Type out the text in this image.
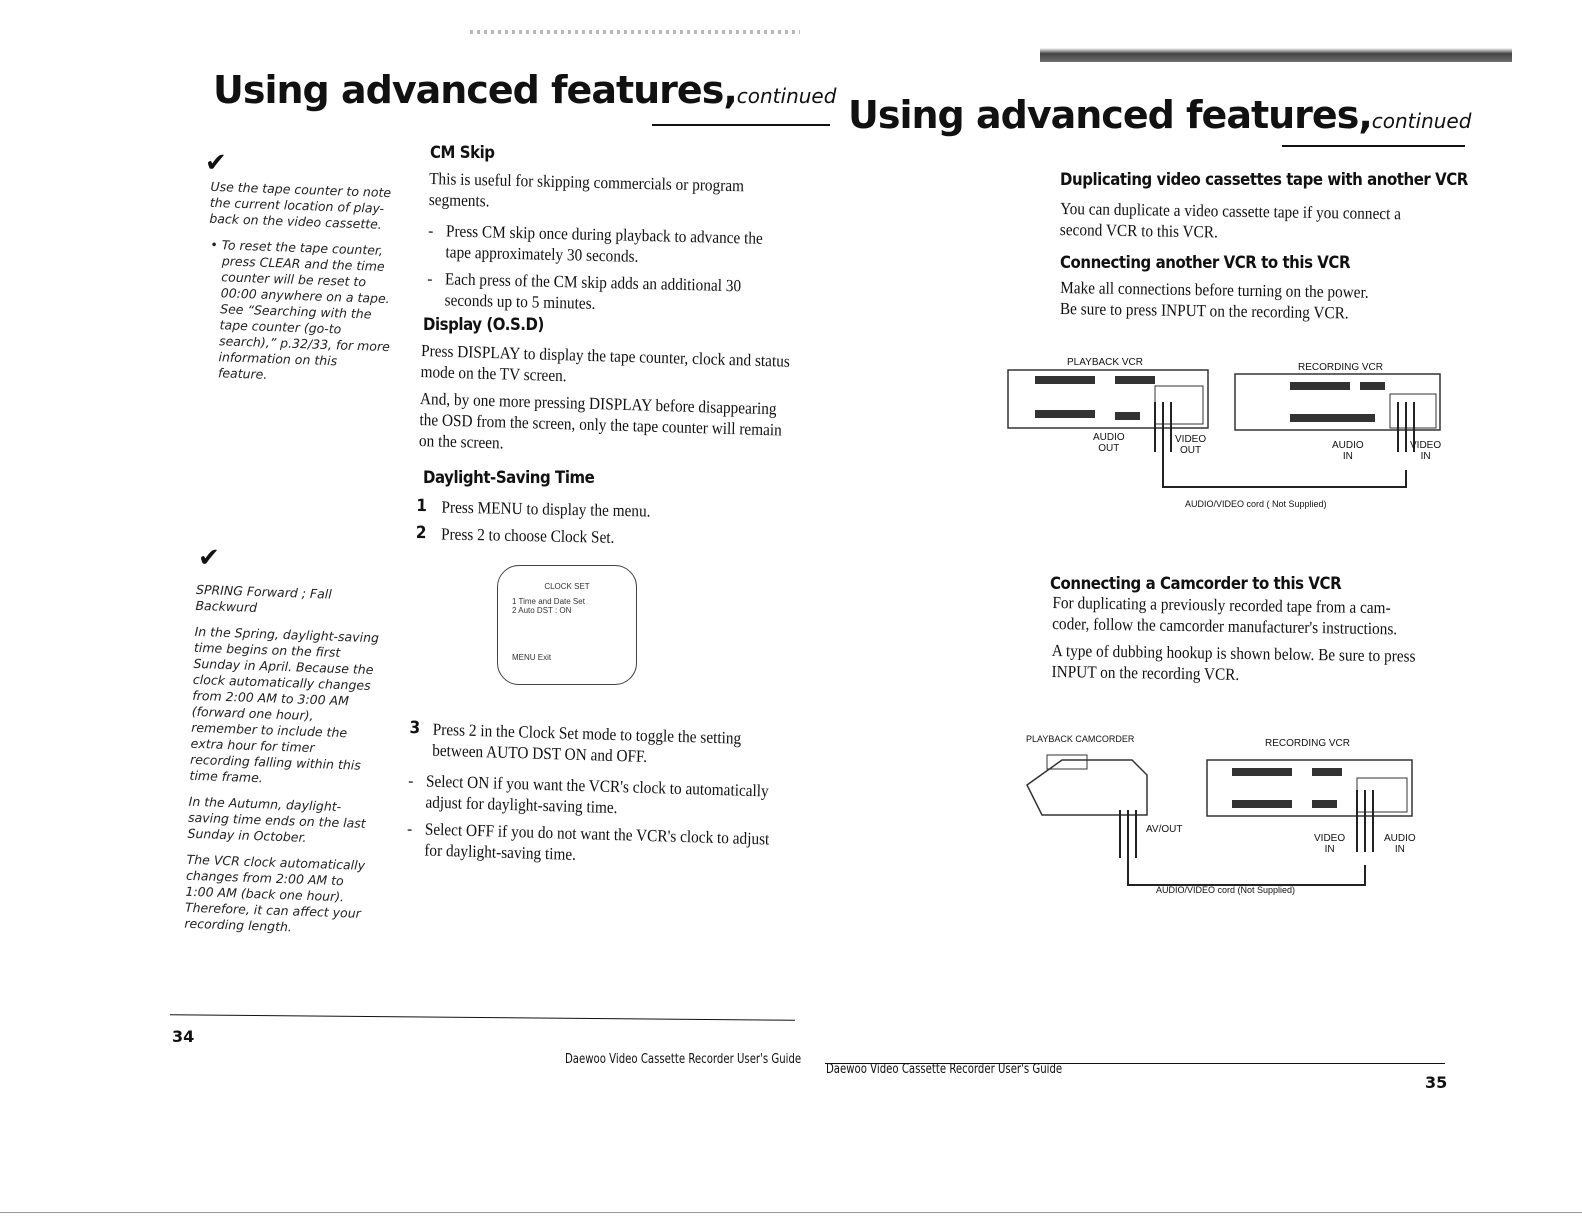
Using advanced features,continued
✔

Use the tape counter to note the current location of play-back on the video cassette.

• To reset the tape counter, press CLEAR and the time counter will be reset to 00:00 anywhere on a tape. See “Searching with the tape counter (go-to search),” p.32/33, for more information on this feature.

✔

SPRING Forward ; Fall Backwurd

In the Spring, daylight-saving time begins on the first Sunday in April. Because the clock automatically changes from 2:00 AM to 3:00 AM (forward one hour), remember to include the extra hour for timer recording falling within this time frame.

In the Autumn, daylight-saving time ends on the last Sunday in October.

The VCR clock automatically changes from 2:00 AM to 1:00 AM (back one hour). Therefore, it can affect your recording length.

CM Skip

This is useful for skipping commercials or program segments.

- Press CM skip once during playback to advance the tape approximately 30 seconds.

- Each press of the CM skip adds an additional 30 seconds up to 5 minutes.

Display (O.S.D)

Press DISPLAY to display the tape counter, clock and status mode on the TV screen.

And, by one more pressing DISPLAY before disappearing the OSD from the screen, only the tape counter will remain on the screen.

Daylight-Saving Time

1 Press MENU to display the menu.

2 Press 2 to choose Clock Set.

CLOCK SET
1 Time and Date Set
2 Auto DST : ON
MENU Exit

3 Press 2 in the Clock Set mode to toggle the setting between AUTO DST ON and OFF.

- Select ON if you want the VCR's clock to automatically adjust for daylight-saving time.

- Select OFF if you do not want the VCR's clock to adjust for daylight-saving time.

34
Daewoo Video Cassette Recorder User's Guide
Using advanced features,continued
Duplicating video cassettes tape with another VCR
You can duplicate a video cassette tape if you connect a second VCR to this VCR.
Connecting another VCR to this VCR

Make all connections before turning on the power.

Be sure to press INPUT on the recording VCR.

PLAYBACK VCR	RECORDING VCR
AUDIO
OUT
VIDEO
OUT	AUDIO
IN
VIDEO
IN
AUDIO/VIDEO cord ( Not Supplied)
Connecting a Camcorder to this VCR

For duplicating a previously recorded tape from a cam-coder, follow the camcorder manufacturer's instructions.

A type of dubbing hookup is shown below. Be sure to press INPUT on the recording VCR.

PLAYBACK CAMCORDER	RECORDING VCR
AV/OUT
VIDEO
IN
AUDIO
IN
AUDIO/VIDEO cord (Not Supplied)
Daewoo Video Cassette Recorder User's Guide
35
